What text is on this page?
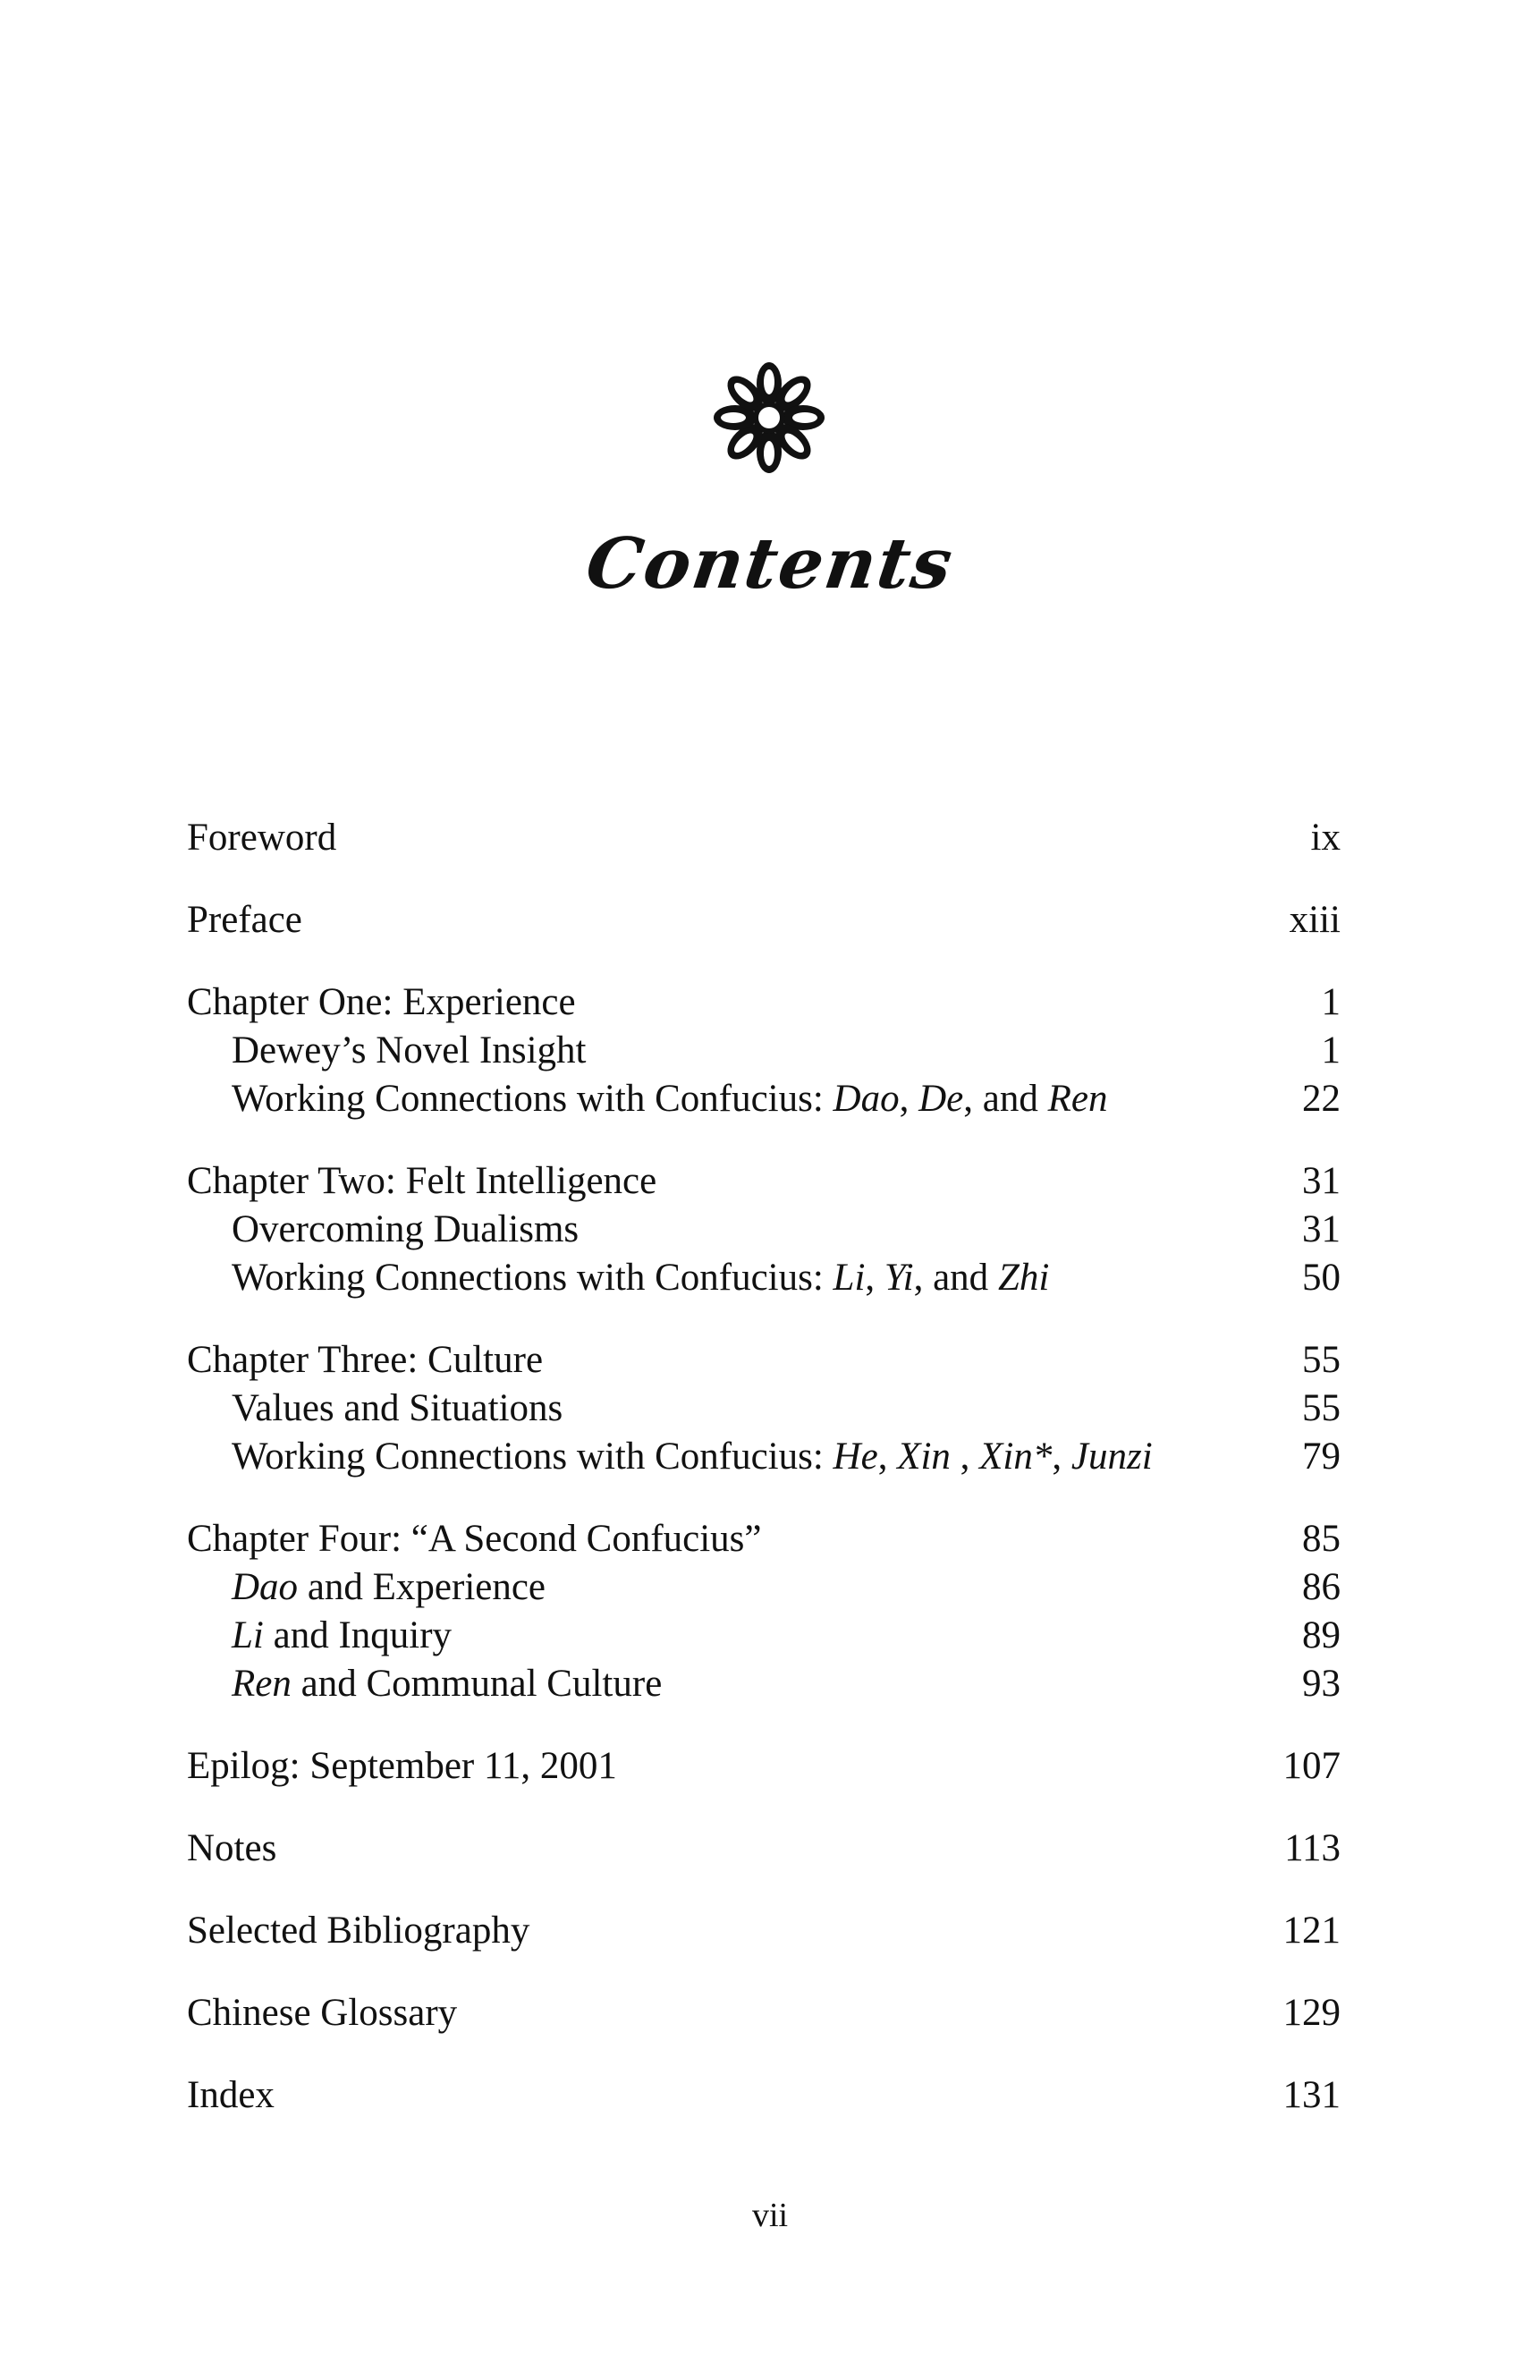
Contents
Foreword	ix
Preface	xiii
Chapter One: Experience	1
Dewey’s Novel Insight	1
Working Connections with Confucius: Dao, De, and Ren	22
Chapter Two: Felt Intelligence	31
Overcoming Dualisms	31
Working Connections with Confucius: Li, Yi, and Zhi	50
Chapter Three: Culture	55
Values and Situations	55
Working Connections with Confucius: He, Xin , Xin*, Junzi	79
Chapter Four: “A Second Confucius”	85
Dao and Experience	86
Li and Inquiry	89
Ren and Communal Culture	93
Epilog: September 11, 2001	107
Notes	113
Selected Bibliography	121
Chinese Glossary	129
Index	131
vii
